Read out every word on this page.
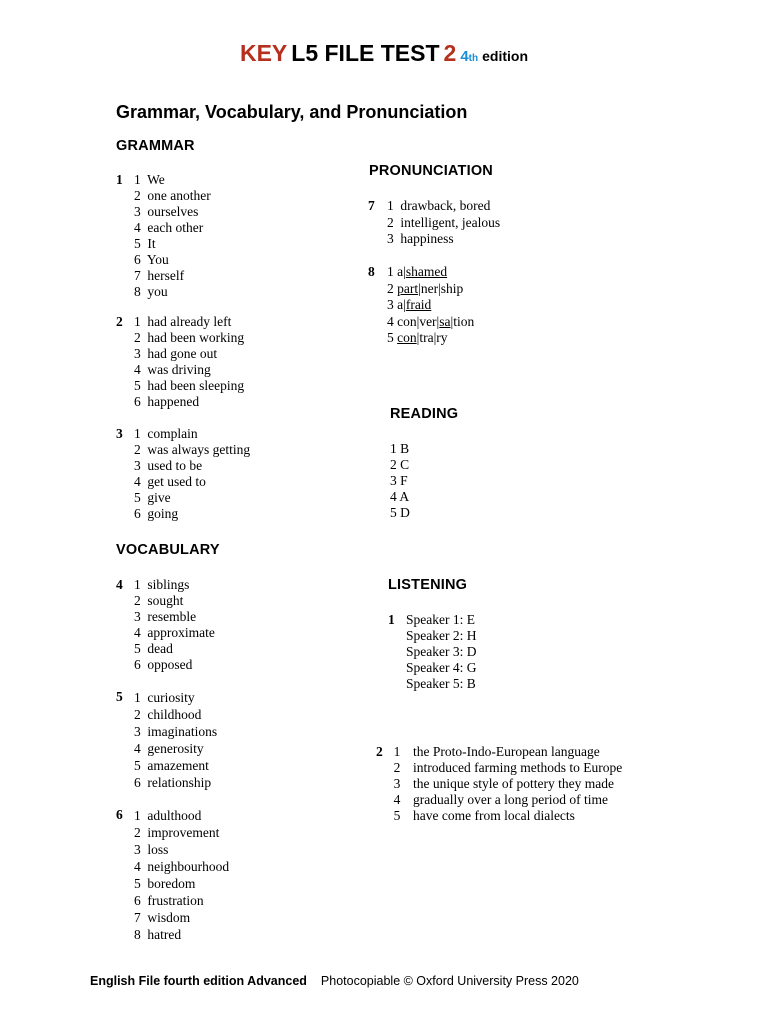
KEY L5 FILE TEST 2 4th edition
Grammar, Vocabulary, and Pronunciation
GRAMMAR
1 1 We
2 one another
3 ourselves
4 each other
5 It
6 You
7 herself
8 you
2 1 had already left
2 had been working
3 had gone out
4 was driving
5 had been sleeping
6 happened
3 1 complain
2 was always getting
3 used to be
4 get used to
5 give
6 going
VOCABULARY
4 1 siblings
2 sought
3 resemble
4 approximate
5 dead
6 opposed
5 1 curiosity
2 childhood
3 imaginations
4 generosity
5 amazement
6 relationship
6 1 adulthood
2 improvement
3 loss
4 neighbourhood
5 boredom
6 frustration
7 wisdom
8 hatred
PRONUNCIATION
7 1 drawback, bored
2 intelligent, jealous
3 happiness
8 1 a|shamed
2 part|ner|ship
3 a|fraid
4 con|ver|sa|tion
5 con|tra|ry
READING
1 B
2 C
3 F
4 A
5 D
LISTENING
1 Speaker 1: E
Speaker 2: H
Speaker 3: D
Speaker 4: G
Speaker 5: B
2 1 the Proto-Indo-European language
2 introduced farming methods to Europe
3 the unique style of pottery they made
4 gradually over a long period of time
5 have come from local dialects
English File fourth edition Advanced Photocopiable © Oxford University Press 2020
